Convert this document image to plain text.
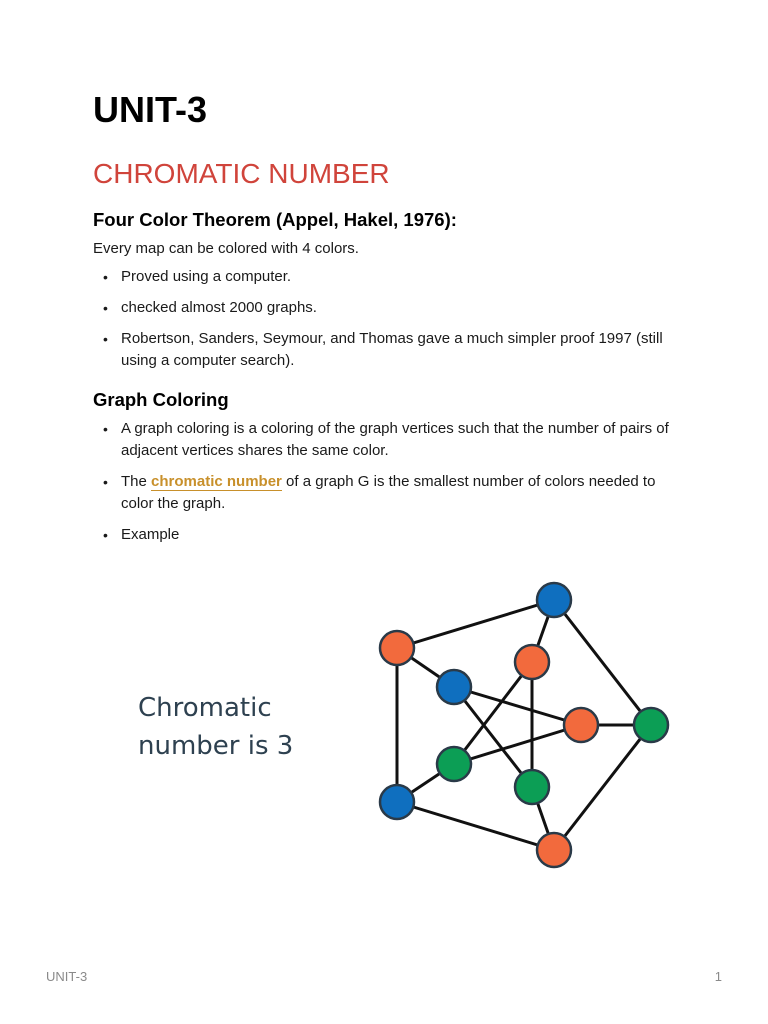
UNIT-3
CHROMATIC NUMBER
Four Color Theorem (Appel, Hakel, 1976):

Every map can be colored with 4 colors.

• Proved using a computer.
• checked almost 2000 graphs.
• Robertson, Sanders, Seymour, and Thomas gave a much simpler proof 1997 (still using a computer search).
Graph Coloring
• A graph coloring is a coloring of the graph vertices such that the number of pairs of adjacent vertices shares the same color.
• The chromatic number of a graph G is the smallest number of colors needed to color the graph.
• Example
Chromatic
number is 3
UNIT-3	1
